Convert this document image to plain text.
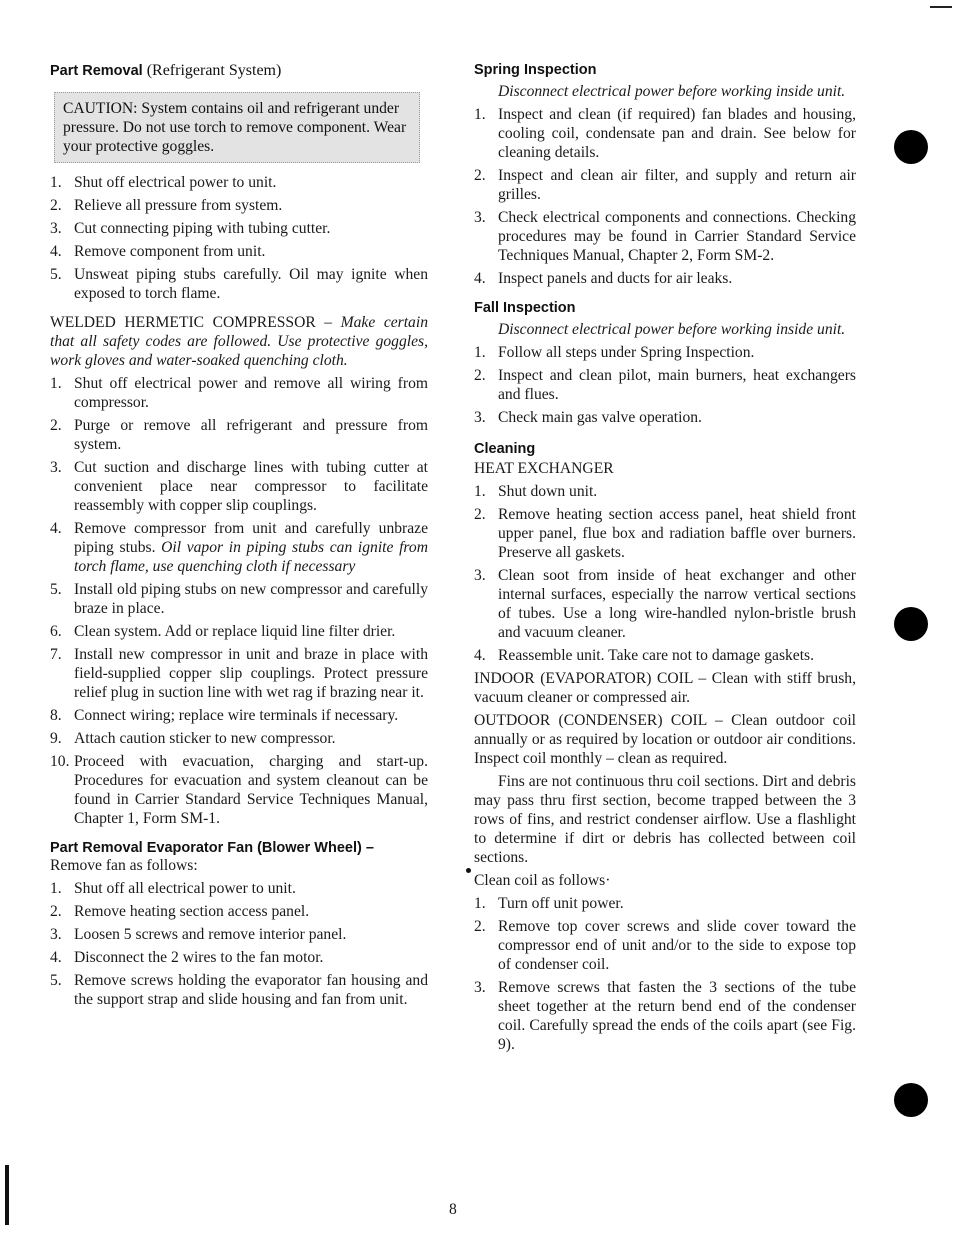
Part Removal (Refrigerant System)
CAUTION: System contains oil and refrigerant under pressure. Do not use torch to remove component. Wear your protective goggles.
1. Shut off electrical power to unit.
2. Relieve all pressure from system.
3. Cut connecting piping with tubing cutter.
4. Remove component from unit.
5. Unsweat piping stubs carefully. Oil may ignite when exposed to torch flame.

WELDED HERMETIC COMPRESSOR – Make certain that all safety codes are followed. Use protective goggles, work gloves and water-soaked quenching cloth.

1. Shut off electrical power and remove all wiring from compressor.
2. Purge or remove all refrigerant and pressure from system.
3. Cut suction and discharge lines with tubing cutter at convenient place near compressor to facilitate reassembly with copper slip couplings.
4. Remove compressor from unit and carefully unbraze piping stubs. Oil vapor in piping stubs can ignite from torch flame, use quenching cloth if necessary
5. Install old piping stubs on new compressor and carefully braze in place.
6. Clean system. Add or replace liquid line filter drier.
7. Install new compressor in unit and braze in place with field-supplied copper slip couplings. Protect pressure relief plug in suction line with wet rag if brazing near it.
8. Connect wiring; replace wire terminals if necessary.
9. Attach caution sticker to new compressor.
10. Proceed with evacuation, charging and start-up. Procedures for evacuation and system cleanout can be found in Carrier Standard Service Techniques Manual, Chapter 1, Form SM-1.
Part Removal Evaporator Fan (Blower Wheel) –

Remove fan as follows:

1. Shut off all electrical power to unit.
2. Remove heating section access panel.
3. Loosen 5 screws and remove interior panel.
4. Disconnect the 2 wires to the fan motor.
5. Remove screws holding the evaporator fan housing and the support strap and slide housing and fan from unit.
Spring Inspection

Disconnect electrical power before working inside unit.

1. Inspect and clean (if required) fan blades and housing, cooling coil, condensate pan and drain. See below for cleaning details.
2. Inspect and clean air filter, and supply and return air grilles.
3. Check electrical components and connections. Checking procedures may be found in Carrier Standard Service Techniques Manual, Chapter 2, Form SM-2.
4. Inspect panels and ducts for air leaks.
Fall Inspection

Disconnect electrical power before working inside unit.

1. Follow all steps under Spring Inspection.
2. Inspect and clean pilot, main burners, heat exchangers and flues.
3. Check main gas valve operation.
Cleaning

HEAT EXCHANGER

1. Shut down unit.
2. Remove heating section access panel, heat shield front upper panel, flue box and radiation baffle over burners. Preserve all gaskets.
3. Clean soot from inside of heat exchanger and other internal surfaces, especially the narrow vertical sections of tubes. Use a long wire-handled nylon-bristle brush and vacuum cleaner.
4. Reassemble unit. Take care not to damage gaskets.

INDOOR (EVAPORATOR) COIL – Clean with stiff brush, vacuum cleaner or compressed air.

OUTDOOR (CONDENSER) COIL – Clean outdoor coil annually or as required by location or outdoor air conditions. Inspect coil monthly – clean as required.

Fins are not continuous thru coil sections. Dirt and debris may pass thru first section, become trapped between the 3 rows of fins, and restrict condenser airflow. Use a flashlight to determine if dirt or debris has collected between coil sections.

Clean coil as follows·

1. Turn off unit power.
2. Remove top cover screws and slide cover toward the compressor end of unit and/or to the side to expose top of condenser coil.
3. Remove screws that fasten the 3 sections of the tube sheet together at the return bend end of the condenser coil. Carefully spread the ends of the coils apart (see Fig. 9).
8
